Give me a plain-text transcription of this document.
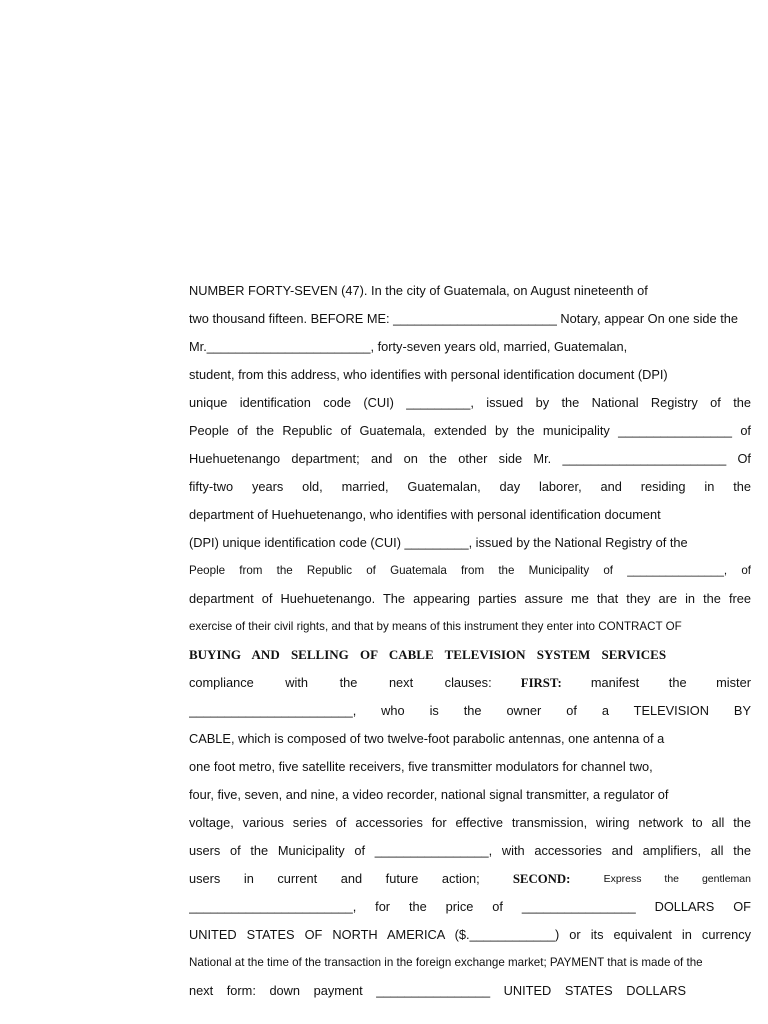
NUMBER FORTY-SEVEN (47). In the city of Guatemala, on August nineteenth of
two thousand fifteen. BEFORE ME: _______________________ Notary, appear On one side the
Mr._______________________, forty-seven years old, married, Guatemalan,
student, from this address, who identifies with personal identification document (DPI)
unique identification code (CUI) _________, issued by the National Registry of the
People of the Republic of Guatemala, extended by the municipality ________________ of
Huehuetenango department; and on the other side Mr. _______________________ Of
fifty-two years old, married, Guatemalan, day laborer, and residing in the
department of Huehuetenango, who identifies with personal identification document
(DPI) unique identification code (CUI) _________, issued by the National Registry of the
People from the Republic of Guatemala from the Municipality of _______________, of
department of Huehuetenango. The appearing parties assure me that they are in the free
exercise of their civil rights, and that by means of this instrument they enter into CONTRACT OF
BUYING AND SELLING OF CABLE TELEVISION SYSTEM SERVICES
compliance with the next clauses: FIRST: manifest the mister
_______________________, who is the owner of a TELEVISION BY
CABLE, which is composed of two twelve-foot parabolic antennas, one antenna of a
one foot metro, five satellite receivers, five transmitter modulators for channel two,
four, five, seven, and nine, a video recorder, national signal transmitter, a regulator of
voltage, various series of accessories for effective transmission, wiring network to all the
users of the Municipality of ________________, with accessories and amplifiers, all the
users in current and future action;	SECOND:	Express the gentleman
_______________________, for the price of ________________ DOLLARS OF
UNITED STATES OF NORTH AMERICA ($.____________) or its equivalent in currency
National at the time of the transaction in the foreign exchange market; PAYMENT that is made of the
next form: down payment ________________ UNITED STATES DOLLARS
